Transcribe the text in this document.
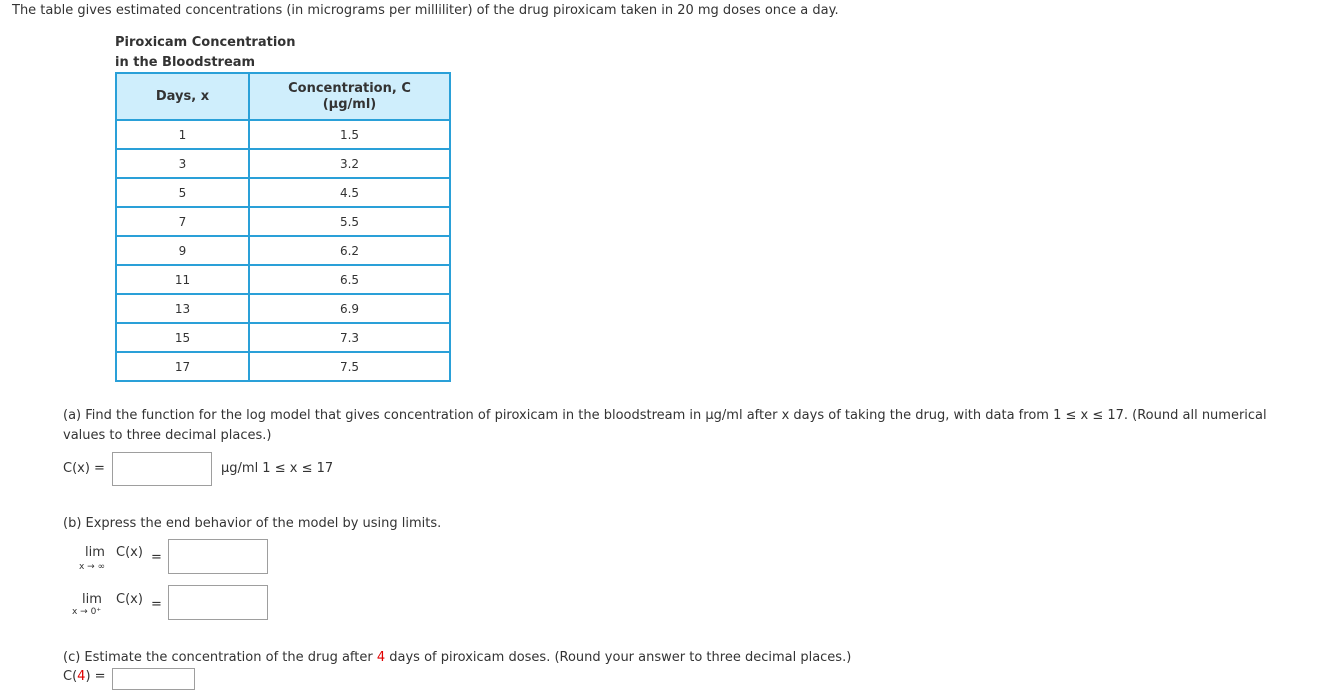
The table gives estimated concentrations (in micrograms per milliliter) of the drug piroxicam taken in 20 mg doses once a day.
Piroxicam Concentration
in the Bloodstream
Days, x	Concentration, C
(μg/ml)
1	1.5
3	3.2
5	4.5
7	5.5
9	6.2
11	6.5
13	6.9
15	7.3
17	7.5
(a) Find the function for the log model that gives concentration of piroxicam in the bloodstream in μg/ml after x days of taking the drug, with data from 1 ≤ x ≤ 17. (Round all numerical
values to three decimal places.)
C(x) =	μg/ml 1 ≤ x ≤ 17
(b) Express the end behavior of the model by using limits.
lim
x → ∞
C(x) =
lim
x → 0⁺
C(x) =
(c) Estimate the concentration of the drug after 4 days of piroxicam doses. (Round your answer to three decimal places.)
C(4) =
